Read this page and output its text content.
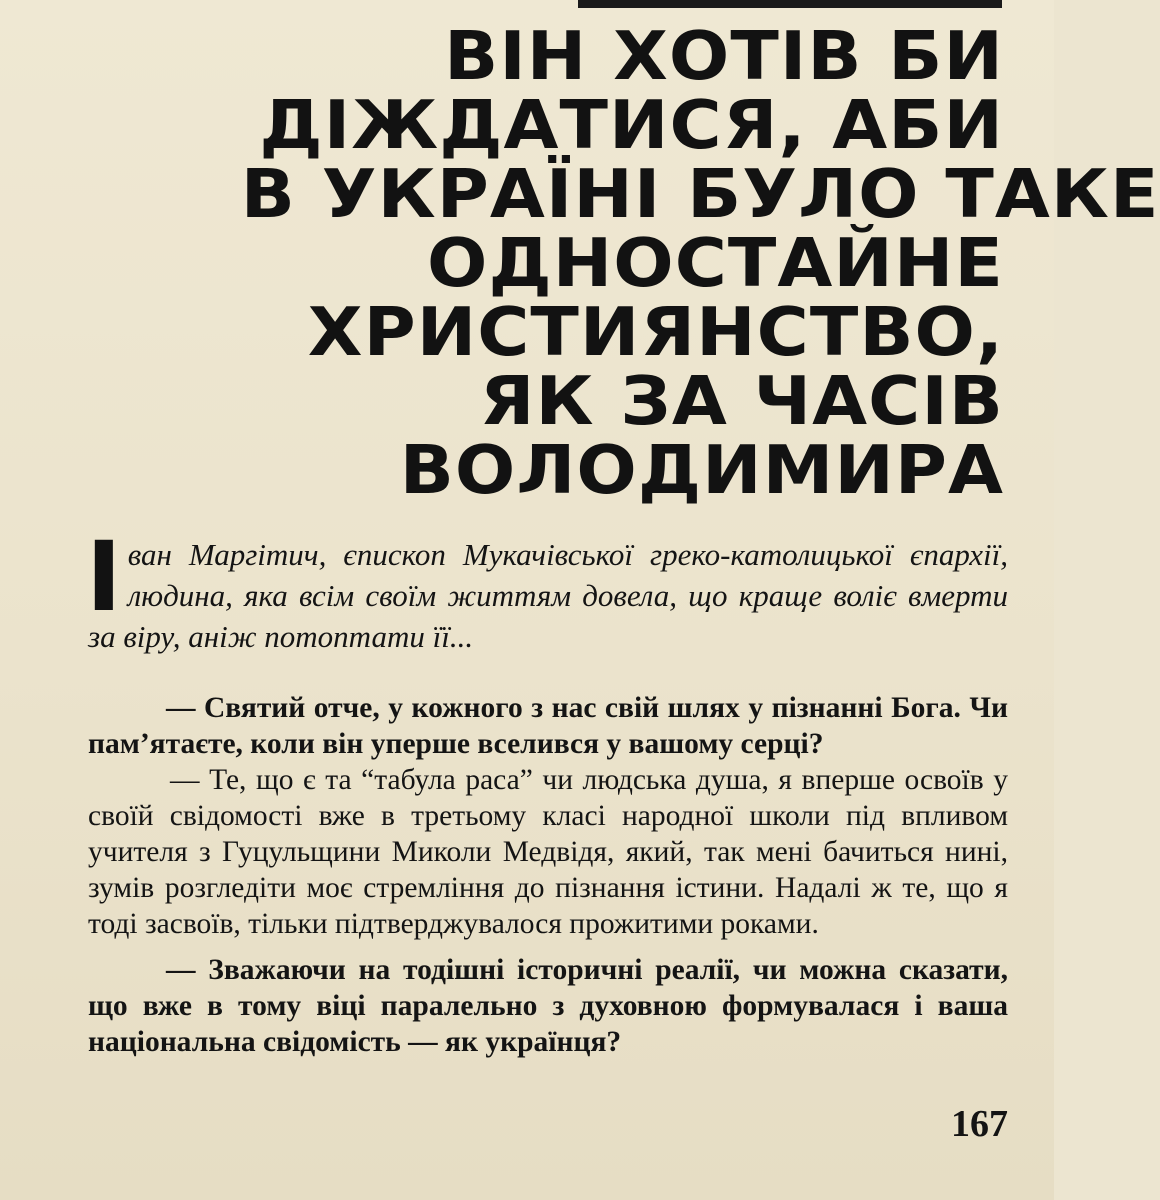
ВІН ХОТІВ БИ
ДІЖДАТИСЯ, АБИ
В УКРАЇНІ БУЛО ТАКЕ
ОДНОСТАЙНЕ
ХРИСТИЯНСТВО,
ЯК ЗА ЧАСІВ
ВОЛОДИМИРА
Іван Маргітич, єпископ Мукачівської греко-католицької єпархії, людина, яка всім своїм життям довела, що краще воліє вмерти за віру, аніж потоптати її...

— Святий отче, у кожного з нас свій шлях у пізнанні Бога. Чи пам’ятаєте, коли він уперше вселився у вашому серці?

— Те, що є та “табула раса” чи людська душа, я вперше освоїв у своїй свідомості вже в третьому класі народної школи під впливом учителя з Гуцульщини Миколи Медвідя, який, так мені бачиться нині, зумів розгледіти моє стремління до пізнання істини. Надалі ж те, що я тоді засвоїв, тільки підтверджувалося прожитими роками.

— Зважаючи на тодішні історичні реалії, чи можна сказати, що вже в тому віці паралельно з духовною формувалася і ваша національна свідомість — як українця?

167
